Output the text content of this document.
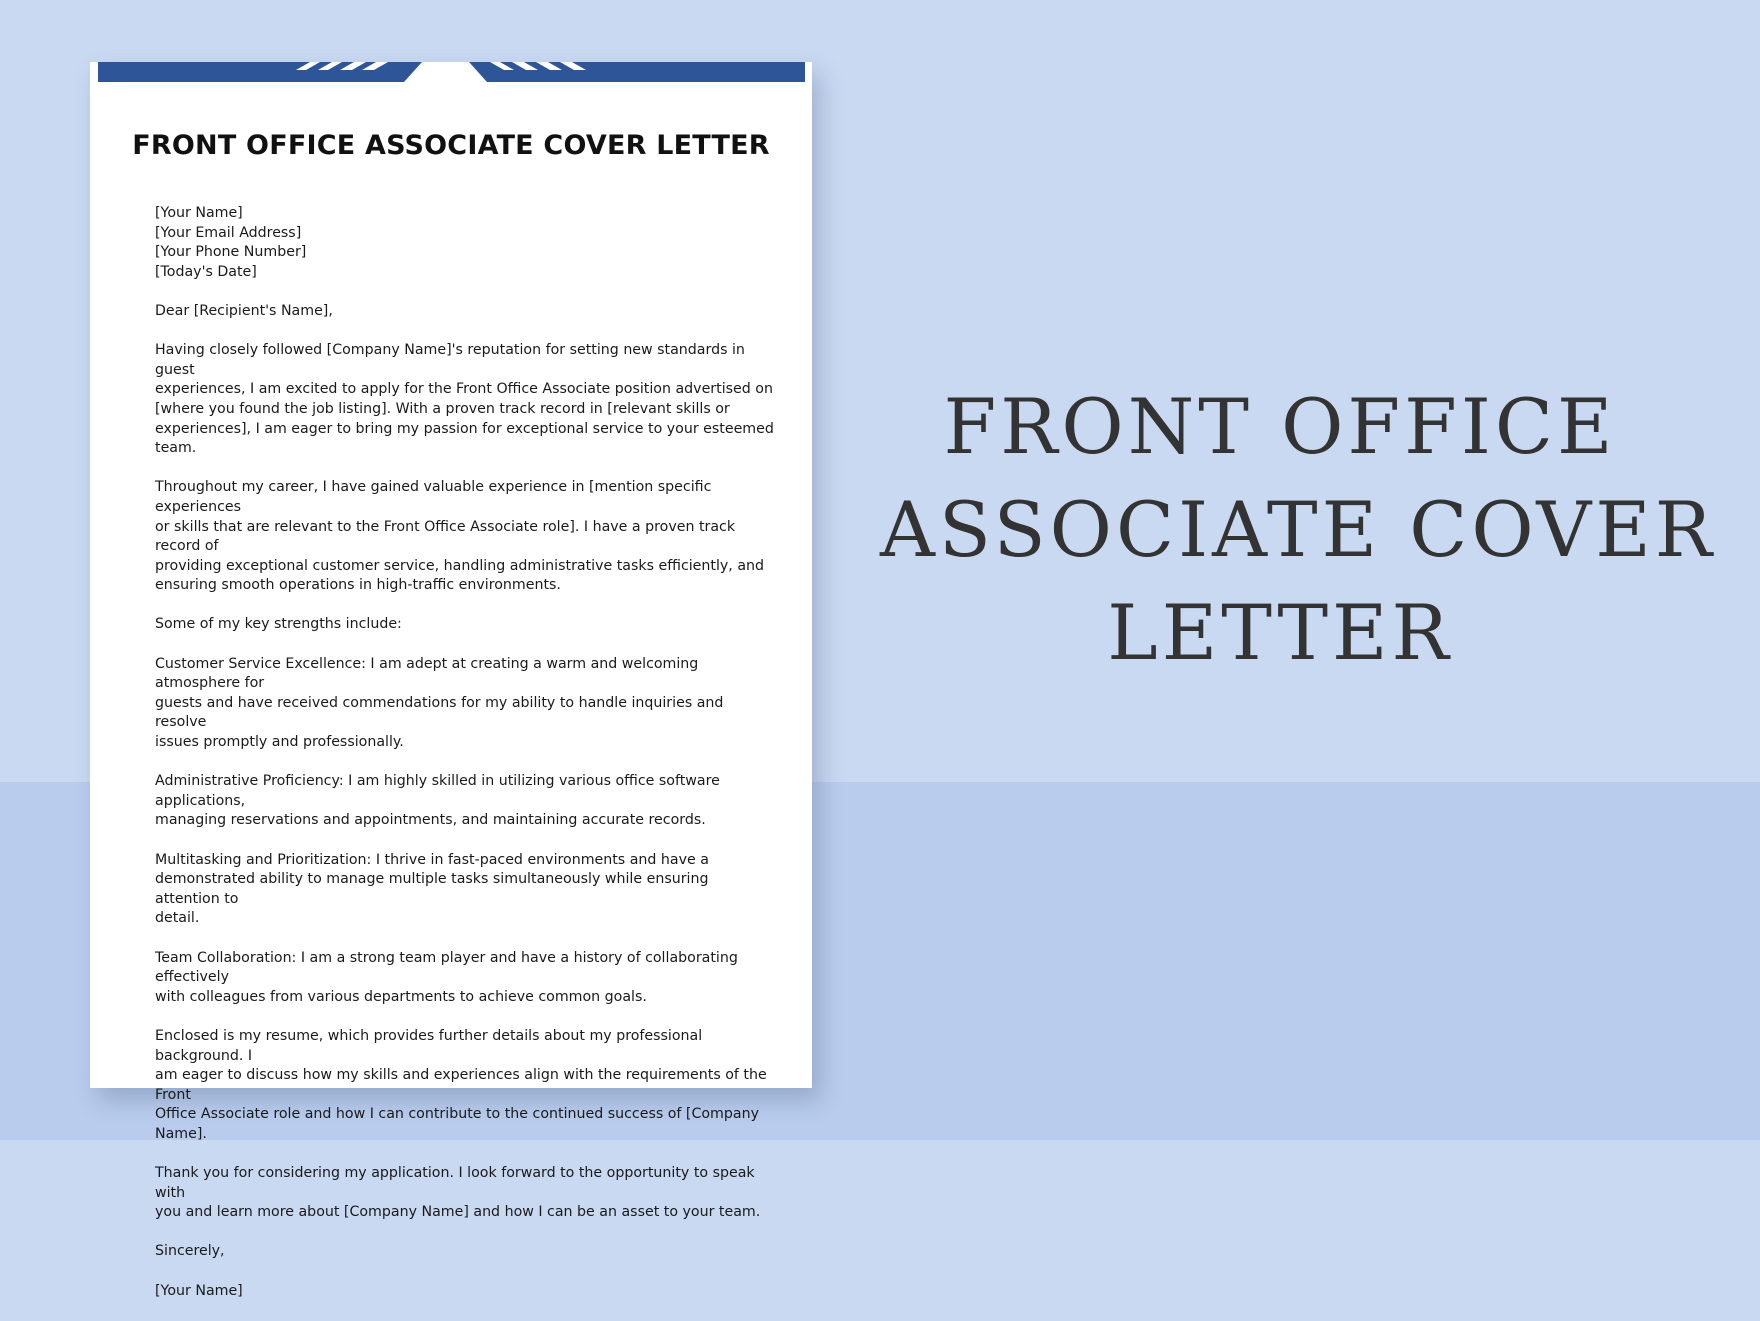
FRONT OFFICE ASSOCIATE COVER LETTER

[Your Name]
[Your Email Address]
[Your Phone Number]
[Today's Date]

Dear [Recipient's Name],

Having closely followed [Company Name]'s reputation for setting new standards in guest
experiences, I am excited to apply for the Front Office Associate position advertised on
[where you found the job listing]. With a proven track record in [relevant skills or
experiences], I am eager to bring my passion for exceptional service to your esteemed team.

Throughout my career, I have gained valuable experience in [mention specific experiences
or skills that are relevant to the Front Office Associate role]. I have a proven track record of
providing exceptional customer service, handling administrative tasks efficiently, and
ensuring smooth operations in high-traffic environments.

Some of my key strengths include:

Customer Service Excellence: I am adept at creating a warm and welcoming atmosphere for
guests and have received commendations for my ability to handle inquiries and resolve
issues promptly and professionally.

Administrative Proficiency: I am highly skilled in utilizing various office software applications,
managing reservations and appointments, and maintaining accurate records.

Multitasking and Prioritization: I thrive in fast-paced environments and have a
demonstrated ability to manage multiple tasks simultaneously while ensuring attention to
detail.

Team Collaboration: I am a strong team player and have a history of collaborating effectively
with colleagues from various departments to achieve common goals.

Enclosed is my resume, which provides further details about my professional background. I
am eager to discuss how my skills and experiences align with the requirements of the Front
Office Associate role and how I can contribute to the continued success of [Company Name].

Thank you for considering my application. I look forward to the opportunity to speak with
you and learn more about [Company Name] and how I can be an asset to your team.

Sincerely,

[Your Name]

FRONT OFFICE
ASSOCIATE COVER
LETTER
